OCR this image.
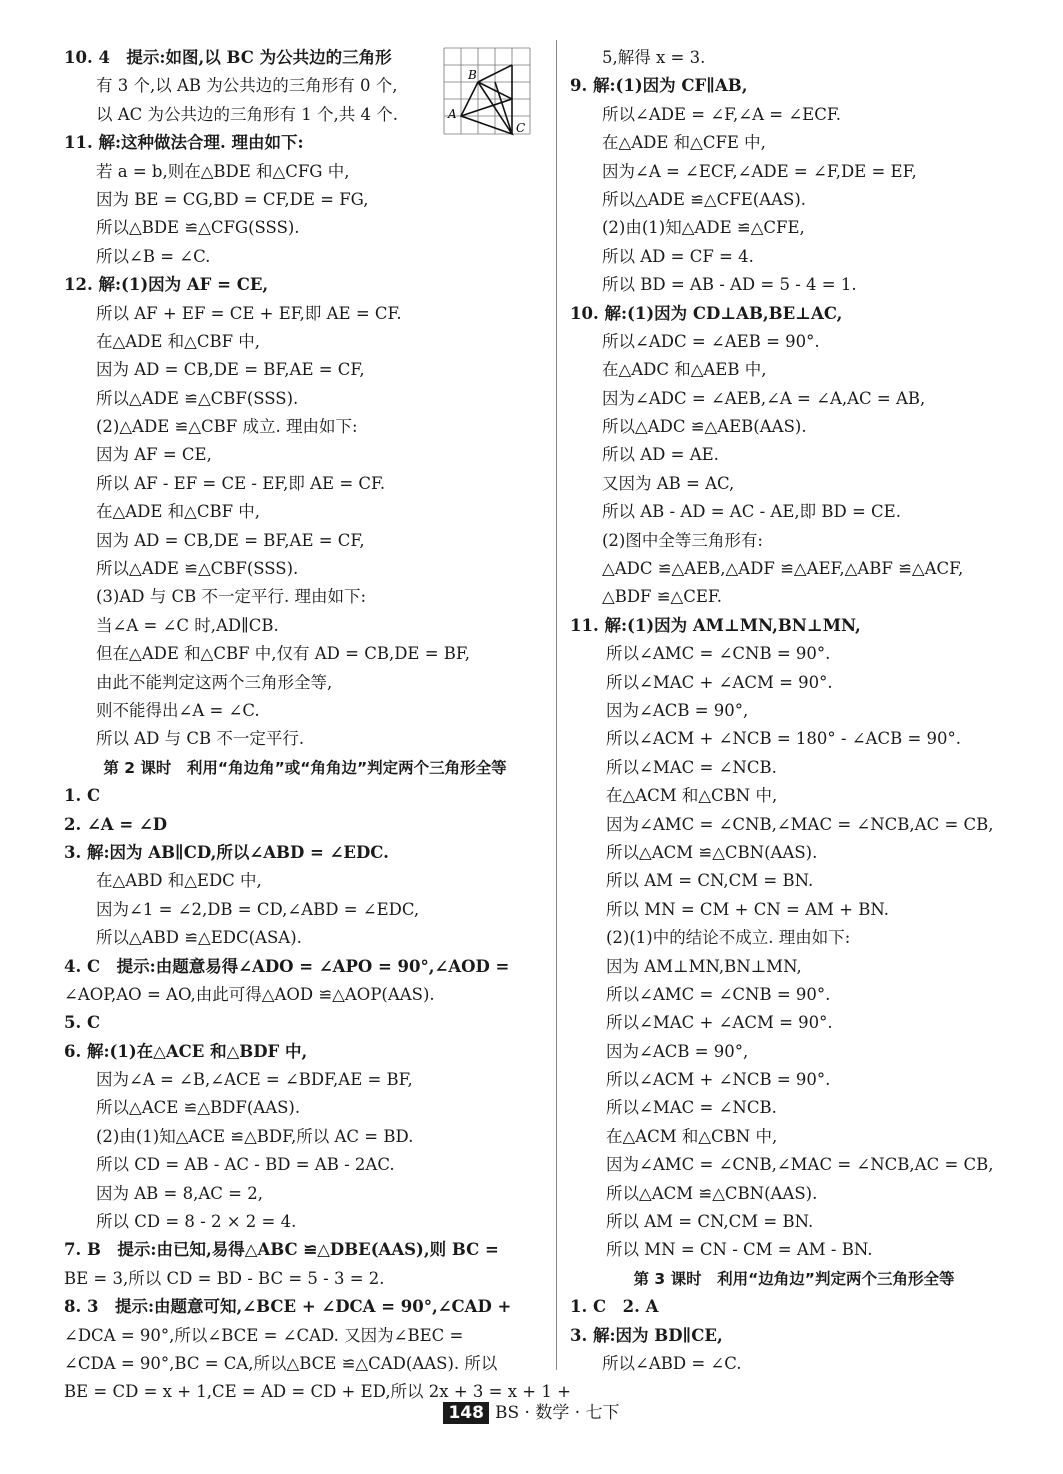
10. 4　提示:如图,以 BC 为公共边的三角形
有 3 个,以 AB 为公共边的三角形有 0 个,
以 AC 为公共边的三角形有 1 个,共 4 个.
11. 解:这种做法合理. 理由如下:
若 a = b,则在△BDE 和△CFG 中,
因为 BE = CG,BD = CF,DE = FG,
所以△BDE ≌△CFG(SSS).
所以∠B = ∠C.
12. 解:(1)因为 AF = CE,
所以 AF + EF = CE + EF,即 AE = CF.
在△ADE 和△CBF 中,
因为 AD = CB,DE = BF,AE = CF,
所以△ADE ≌△CBF(SSS).
(2)△ADE ≌△CBF 成立. 理由如下:
因为 AF = CE,
所以 AF - EF = CE - EF,即 AE = CF.
在△ADE 和△CBF 中,
因为 AD = CB,DE = BF,AE = CF,
所以△ADE ≌△CBF(SSS).
(3)AD 与 CB 不一定平行. 理由如下:
当∠A = ∠C 时,AD∥CB.
但在△ADE 和△CBF 中,仅有 AD = CB,DE = BF,
由此不能判定这两个三角形全等,
则不能得出∠A = ∠C.
所以 AD 与 CB 不一定平行.
第 2 课时　利用“角边角”或“角角边”判定两个三角形全等
1. C
2. ∠A = ∠D
3. 解:因为 AB∥CD,所以∠ABD = ∠EDC.
在△ABD 和△EDC 中,
因为∠1 = ∠2,DB = CD,∠ABD = ∠EDC,
所以△ABD ≌△EDC(ASA).
4. C　提示:由题意易得∠ADO = ∠APO = 90°,∠AOD =
∠AOP,AO = AO,由此可得△AOD ≌△AOP(AAS).
5. C
6. 解:(1)在△ACE 和△BDF 中,
因为∠A = ∠B,∠ACE = ∠BDF,AE = BF,
所以△ACE ≌△BDF(AAS).
(2)由(1)知△ACE ≌△BDF,所以 AC = BD.
所以 CD = AB - AC - BD = AB - 2AC.
因为 AB = 8,AC = 2,
所以 CD = 8 - 2 × 2 = 4.
7. B　提示:由已知,易得△ABC ≌△DBE(AAS),则 BC =
BE = 3,所以 CD = BD - BC = 5 - 3 = 2.
8. 3　提示:由题意可知,∠BCE + ∠DCA = 90°,∠CAD +
∠DCA = 90°,所以∠BCE = ∠CAD. 又因为∠BEC =
∠CDA = 90°,BC = CA,所以△BCE ≌△CAD(AAS). 所以
BE = CD = x + 1,CE = AD = CD + ED,所以 2x + 3 = x + 1 +
B
A
C
5,解得 x = 3.
9. 解:(1)因为 CF∥AB,
所以∠ADE = ∠F,∠A = ∠ECF.
在△ADE 和△CFE 中,
因为∠A = ∠ECF,∠ADE = ∠F,DE = EF,
所以△ADE ≌△CFE(AAS).
(2)由(1)知△ADE ≌△CFE,
所以 AD = CF = 4.
所以 BD = AB - AD = 5 - 4 = 1.
10. 解:(1)因为 CD⊥AB,BE⊥AC,
所以∠ADC = ∠AEB = 90°.
在△ADC 和△AEB 中,
因为∠ADC = ∠AEB,∠A = ∠A,AC = AB,
所以△ADC ≌△AEB(AAS).
所以 AD = AE.
又因为 AB = AC,
所以 AB - AD = AC - AE,即 BD = CE.
(2)图中全等三角形有:
△ADC ≌△AEB,△ADF ≌△AEF,△ABF ≌△ACF,
△BDF ≌△CEF.
11. 解:(1)因为 AM⊥MN,BN⊥MN,
所以∠AMC = ∠CNB = 90°.
所以∠MAC + ∠ACM = 90°.
因为∠ACB = 90°,
所以∠ACM + ∠NCB = 180° - ∠ACB = 90°.
所以∠MAC = ∠NCB.
在△ACM 和△CBN 中,
因为∠AMC = ∠CNB,∠MAC = ∠NCB,AC = CB,
所以△ACM ≌△CBN(AAS).
所以 AM = CN,CM = BN.
所以 MN = CM + CN = AM + BN.
(2)(1)中的结论不成立. 理由如下:
因为 AM⊥MN,BN⊥MN,
所以∠AMC = ∠CNB = 90°.
所以∠MAC + ∠ACM = 90°.
因为∠ACB = 90°,
所以∠ACM + ∠NCB = 90°.
所以∠MAC = ∠NCB.
在△ACM 和△CBN 中,
因为∠AMC = ∠CNB,∠MAC = ∠NCB,AC = CB,
所以△ACM ≌△CBN(AAS).
所以 AM = CN,CM = BN.
所以 MN = CN - CM = AM - BN.
第 3 课时　利用“边角边”判定两个三角形全等
1. C　2. A
3. 解:因为 BD∥CE,
所以∠ABD = ∠C.
148 BS · 数学 · 七下
